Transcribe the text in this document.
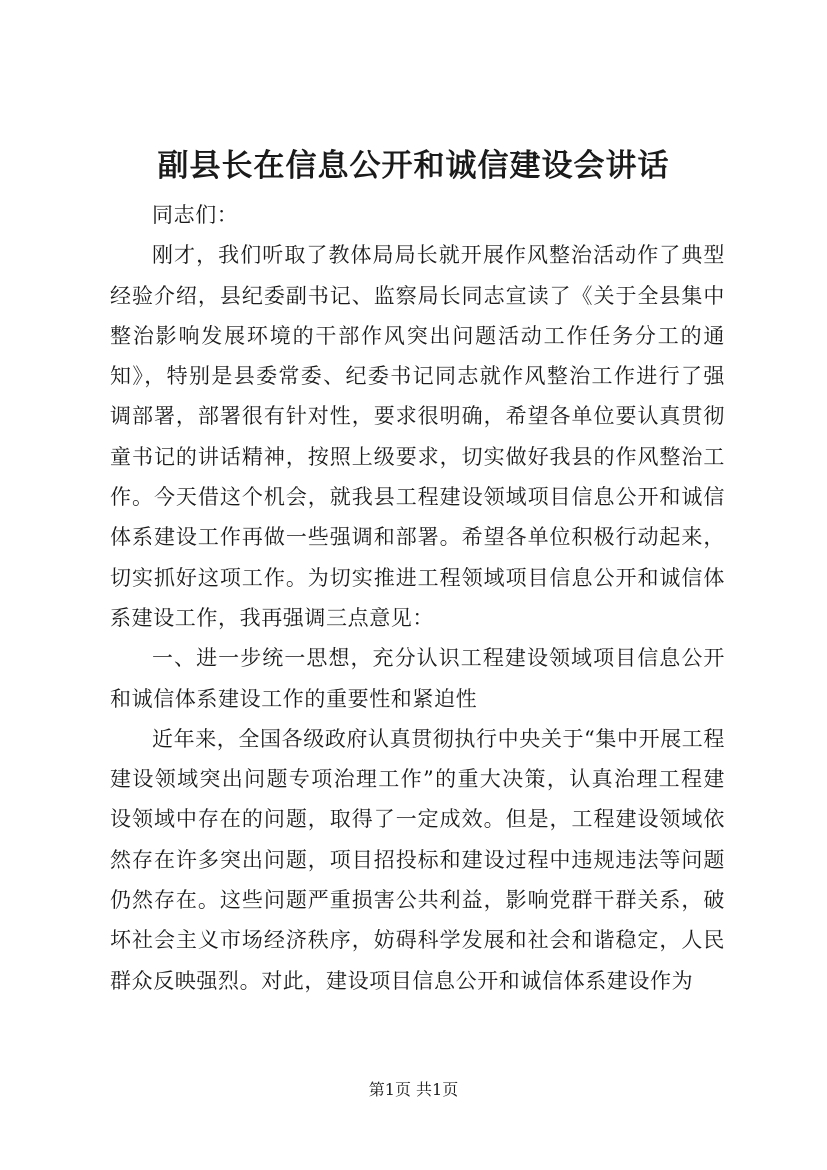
副县长在信息公开和诚信建设会讲话

同志们：

刚才，我们听取了教体局局长就开展作风整治活动作了典型经验介绍，县纪委副书记、监察局长同志宣读了《关于全县集中整治影响发展环境的干部作风突出问题活动工作任务分工的通知》，特别是县委常委、纪委书记同志就作风整治工作进行了强调部署，部署很有针对性，要求很明确，希望各单位要认真贯彻童书记的讲话精神，按照上级要求，切实做好我县的作风整治工作。今天借这个机会，就我县工程建设领域项目信息公开和诚信体系建设工作再做一些强调和部署。希望各单位积极行动起来，切实抓好这项工作。为切实推进工程领域项目信息公开和诚信体系建设工作，我再强调三点意见：

一、进一步统一思想，充分认识工程建设领域项目信息公开和诚信体系建设工作的重要性和紧迫性

近年来，全国各级政府认真贯彻执行中央关于“集中开展工程建设领域突出问题专项治理工作”的重大决策，认真治理工程建设领域中存在的问题，取得了一定成效。但是，工程建设领域依然存在许多突出问题，项目招投标和建设过程中违规违法等问题仍然存在。这些问题严重损害公共利益，影响党群干群关系，破坏社会主义市场经济秩序，妨碍科学发展和社会和谐稳定，人民群众反映强烈。对此，建设项目信息公开和诚信体系建设作为

第1页 共1页
